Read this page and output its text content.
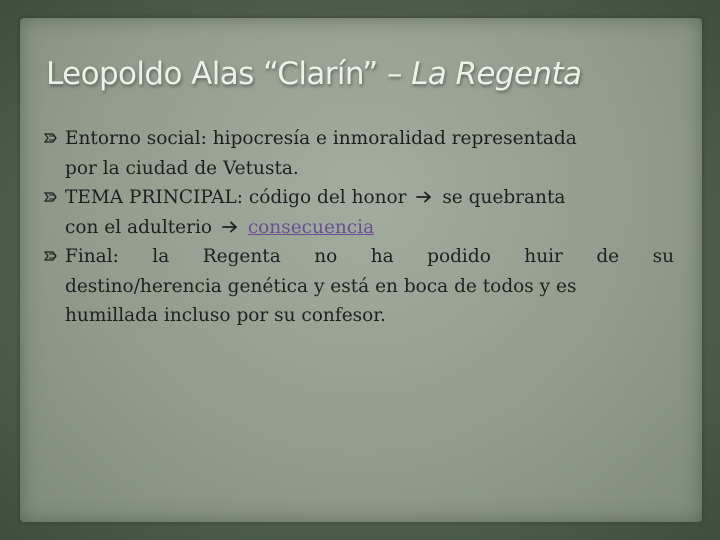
Leopoldo Alas “Clarín” – La Regenta
Entorno social: hipocresía e inmoralidad representada
por la ciudad de Vetusta.
TEMA PRINCIPAL: código del honor se quebranta
con el adulterio consecuencia
Final: la Regenta no ha podido huir de su
destino/herencia genética y está en boca de todos y es
humillada incluso por su confesor.
